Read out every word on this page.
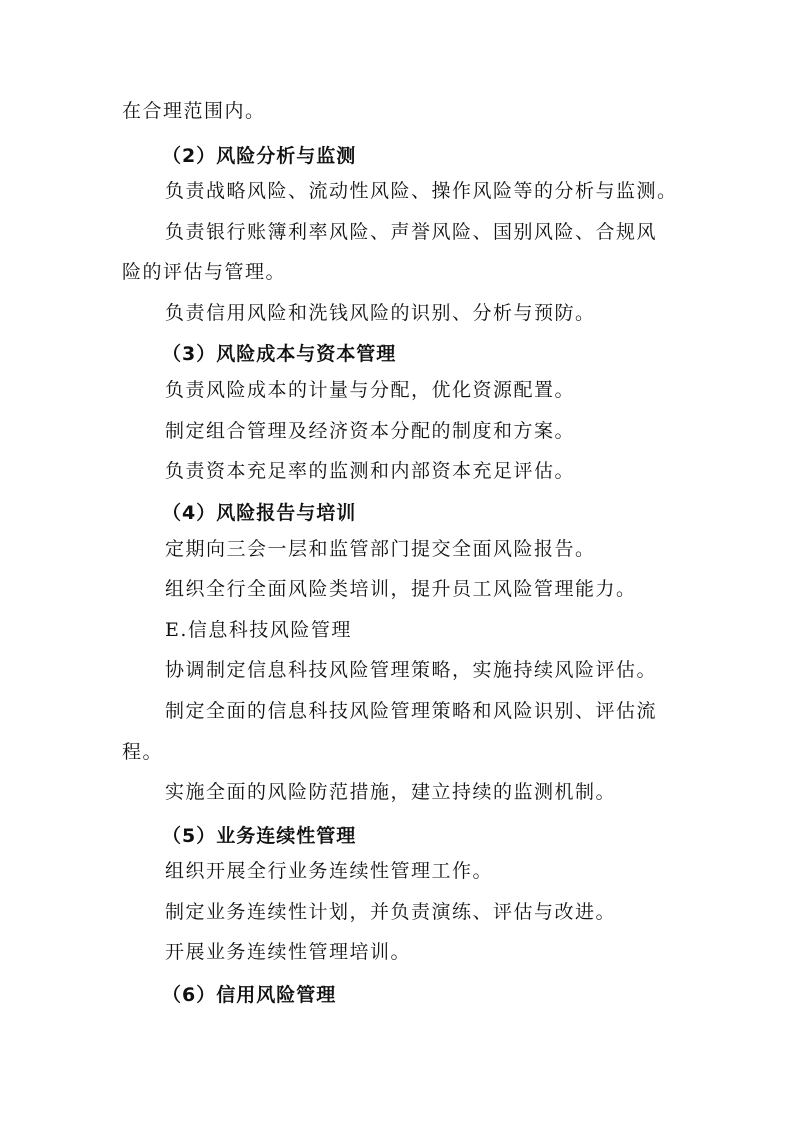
在合理范围内。
（2）风险分析与监测
负责战略风险、流动性风险、操作风险等的分析与监测。
负责银行账簿利率风险、声誉风险、国别风险、合规风
险的评估与管理。
负责信用风险和洗钱风险的识别、分析与预防。
（3）风险成本与资本管理
负责风险成本的计量与分配，优化资源配置。
制定组合管理及经济资本分配的制度和方案。
负责资本充足率的监测和内部资本充足评估。
（4）风险报告与培训
定期向三会一层和监管部门提交全面风险报告。
组织全行全面风险类培训，提升员工风险管理能力。
E.信息科技风险管理
协调制定信息科技风险管理策略，实施持续风险评估。
制定全面的信息科技风险管理策略和风险识别、评估流
程。
实施全面的风险防范措施，建立持续的监测机制。
（5）业务连续性管理
组织开展全行业务连续性管理工作。
制定业务连续性计划，并负责演练、评估与改进。
开展业务连续性管理培训。
（6）信用风险管理
